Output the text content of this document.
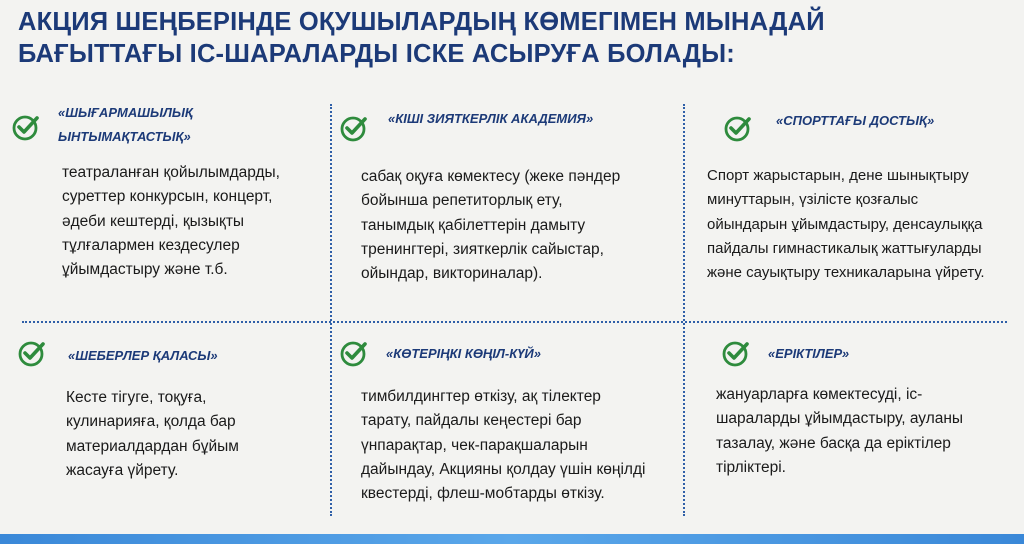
АКЦИЯ ШЕҢБЕРІНДЕ ОҚУШЫЛАРДЫҢ КӨМЕГІМЕН МЫНАДАЙ
БАҒЫТТАҒЫ ІС-ШАРАЛАРДЫ ІСКЕ АСЫРУҒА БОЛАДЫ:
«ШЫҒАРМАШЫЛЫҚ
ЫНТЫМАҚТАСТЫҚ»
театраланған қойылымдарды,
суреттер конкурсын, концерт,
әдеби кештерді, қызықты
тұлғалармен кездесулер
ұйымдастыру және т.б.
«КІШІ ЗИЯТКЕРЛІК АКАДЕМИЯ»
сабақ оқуға көмектесу (жеке пәндер
бойынша репетиторлық ету,
танымдық қабілеттерін дамыту
тренингтері, зияткерлік сайыстар,
ойындар, викториналар).
«СПОРТТАҒЫ ДОСТЫҚ»
Спорт жарыстарын, дене шынықтыру
минуттарын, үзілісте қозғалыс
ойындарын ұйымдастыру, денсаулыққа
пайдалы гимнастикалық жаттығуларды
және сауықтыру техникаларына үйрету.
«ШЕБЕРЛЕР ҚАЛАСЫ»
Кесте тігуге, тоқуға,
кулинарияға, қолда бар
материалдардан бұйым
жасауға үйрету.
«КӨТЕРІҢКІ КӨҢІЛ-КҮЙ»
тимбилдингтер өткізу, ақ тілектер
тарату, пайдалы кеңестері бар
үнпарақтар, чек-парақшаларын
дайындау, Акцияны қолдау үшін көңілді
квестерді, флеш-мобтарды өткізу.
«ЕРІКТІЛЕР»
жануарларға көмектесуді, іс-
шараларды ұйымдастыру, ауланы
тазалау, және басқа да еріктілер
тірліктері.
